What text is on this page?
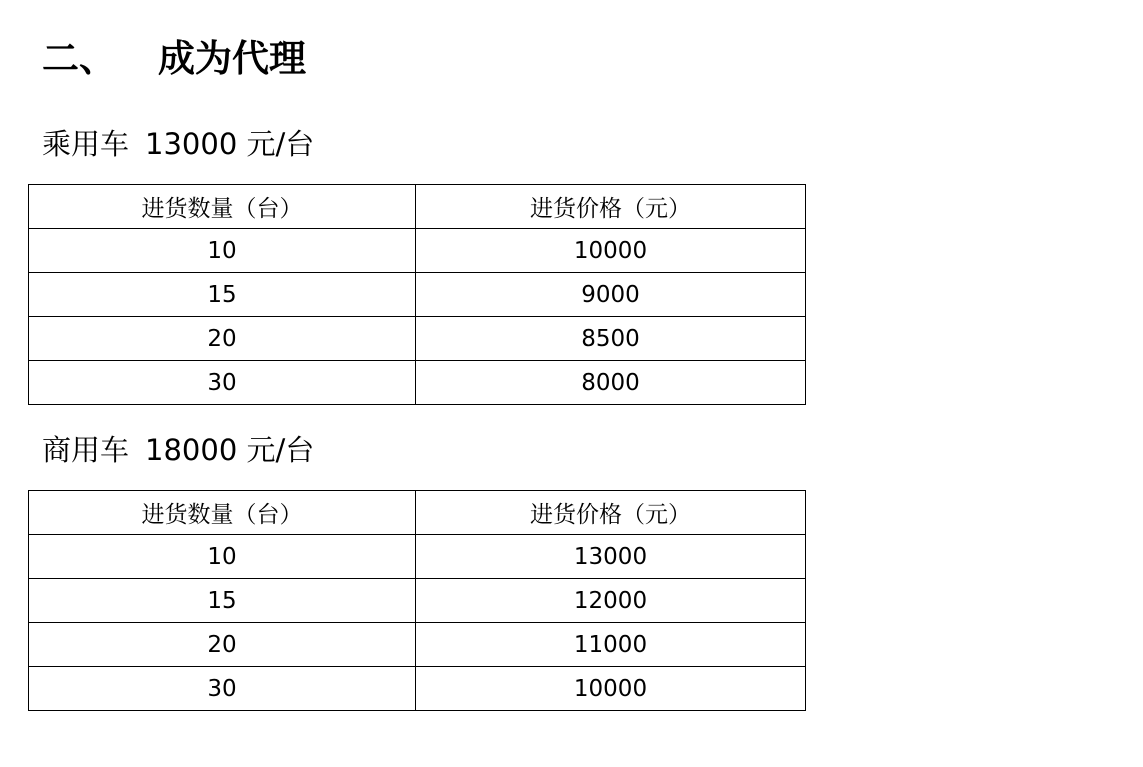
二、	成为代理
乘用车 13000 元/台
进货数量（台）	进货价格（元）
10	10000
15	9000
20	8500
30	8000
商用车 18000 元/台
进货数量（台）	进货价格（元）
10	13000
15	12000
20	11000
30	10000
